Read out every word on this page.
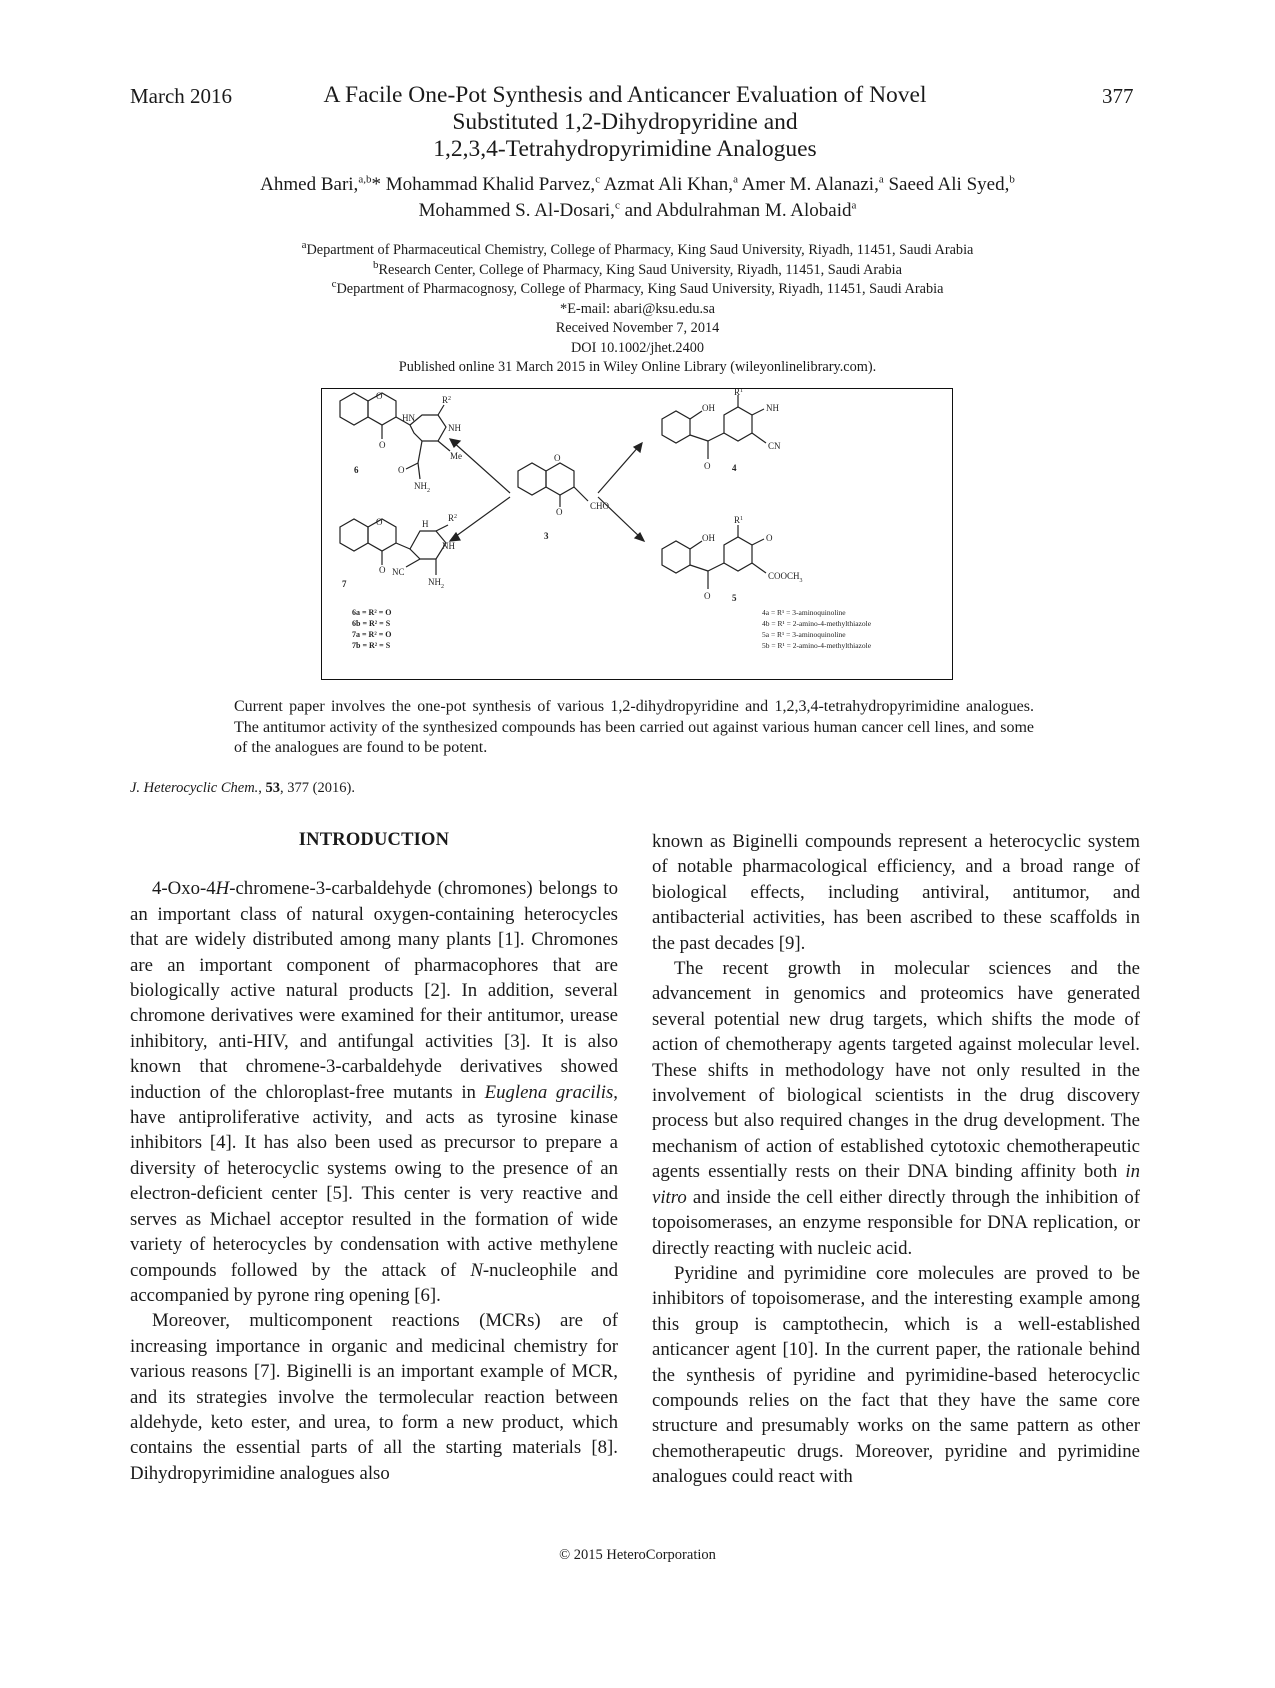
March 2016	377
A Facile One-Pot Synthesis and Anticancer Evaluation of Novel
Substituted 1,2-Dihydropyridine and
1,2,3,4-Tetrahydropyrimidine Analogues
Ahmed Bari,$^{a,b}$* Mohammad Khalid Parvez,$^c$ Azmat Ali Khan,$^a$ Amer M. Alanazi,$^a$ Saeed Ali Syed,$^b$
Mohammed S. Al-Dosari,$^c$ and Abdulrahman M. Alobaid$^a$
$^a$Department of Pharmaceutical Chemistry, College of Pharmacy, King Saud University, Riyadh, 11451, Saudi Arabia
$^b$Research Center, College of Pharmacy, King Saud University, Riyadh, 11451, Saudi Arabia
$^c$Department of Pharmacognosy, College of Pharmacy, King Saud University, Riyadh, 11451, Saudi Arabia
*E-mail: abari@ksu.edu.sa
Received November 7, 2014
DOI 10.1002/jhet.2400
Published online 31 March 2015 in Wiley Online Library (wileyonlinelibrary.com).
O
O
HN
$R^2$
NH
Me
O
$NH_2$
6
O
O
H
$R^2$
NH
NC
$NH_2$
7
O
O
CHO
3
OH
O
$R^1$
NH
CN
4
OH
O
$R^1$
O
$COOCH_3$
5
6a = R² = O
6b = R² = S
7a = R² = O
7b = R² = S
4a = R¹ = 3-aminoquinoline
4b = R¹ = 2-amino-4-methylthiazole
5a = R¹ = 3-aminoquinoline
5b = R¹ = 2-amino-4-methylthiazole
Current paper involves the one-pot synthesis of various 1,2-dihydropyridine and 1,2,3,4-tetrahydropyrimidine analogues. The antitumor activity of the synthesized compounds has been carried out against various human cancer cell lines, and some of the analogues are found to be potent.
J. Heterocyclic Chem., 53, 377 (2016).

INTRODUCTION

4-Oxo-4H-chromene-3-carbaldehyde (chromones) belongs to an important class of natural oxygen-containing heterocycles that are widely distributed among many plants [1]. Chromones are an important component of pharmacophores that are biologically active natural products [2]. In addition, several chromone derivatives were examined for their antitumor, urease inhibitory, anti-HIV, and antifungal activities [3]. It is also known that chromene-3-carbaldehyde derivatives showed induction of the chloroplast-free mutants in Euglena gracilis, have antiproliferative activity, and acts as tyrosine kinase inhibitors [4]. It has also been used as precursor to prepare a diversity of heterocyclic systems owing to the presence of an electron-deficient center [5]. This center is very reactive and serves as Michael acceptor resulted in the formation of wide variety of heterocycles by condensation with active methylene compounds followed by the attack of N-nucleophile and accompanied by pyrone ring opening [6].

Moreover, multicomponent reactions (MCRs) are of increasing importance in organic and medicinal chemistry for various reasons [7]. Biginelli is an important example of MCR, and its strategies involve the termolecular reaction between aldehyde, keto ester, and urea, to form a new product, which contains the essential parts of all the starting materials [8]. Dihydropyrimidine analogues also

known as Biginelli compounds represent a heterocyclic system of notable pharmacological efficiency, and a broad range of biological effects, including antiviral, antitumor, and antibacterial activities, has been ascribed to these scaffolds in the past decades [9].

The recent growth in molecular sciences and the advancement in genomics and proteomics have generated several potential new drug targets, which shifts the mode of action of chemotherapy agents targeted against molecular level. These shifts in methodology have not only resulted in the involvement of biological scientists in the drug discovery process but also required changes in the drug development. The mechanism of action of established cytotoxic chemotherapeutic agents essentially rests on their DNA binding affinity both in vitro and inside the cell either directly through the inhibition of topoisomerases, an enzyme responsible for DNA replication, or directly reacting with nucleic acid.

Pyridine and pyrimidine core molecules are proved to be inhibitors of topoisomerase, and the interesting example among this group is camptothecin, which is a well-established anticancer agent [10]. In the current paper, the rationale behind the synthesis of pyridine and pyrimidine-based heterocyclic compounds relies on the fact that they have the same core structure and presumably works on the same pattern as other chemotherapeutic drugs. Moreover, pyridine and pyrimidine analogues could react with

© 2015 HeteroCorporation
